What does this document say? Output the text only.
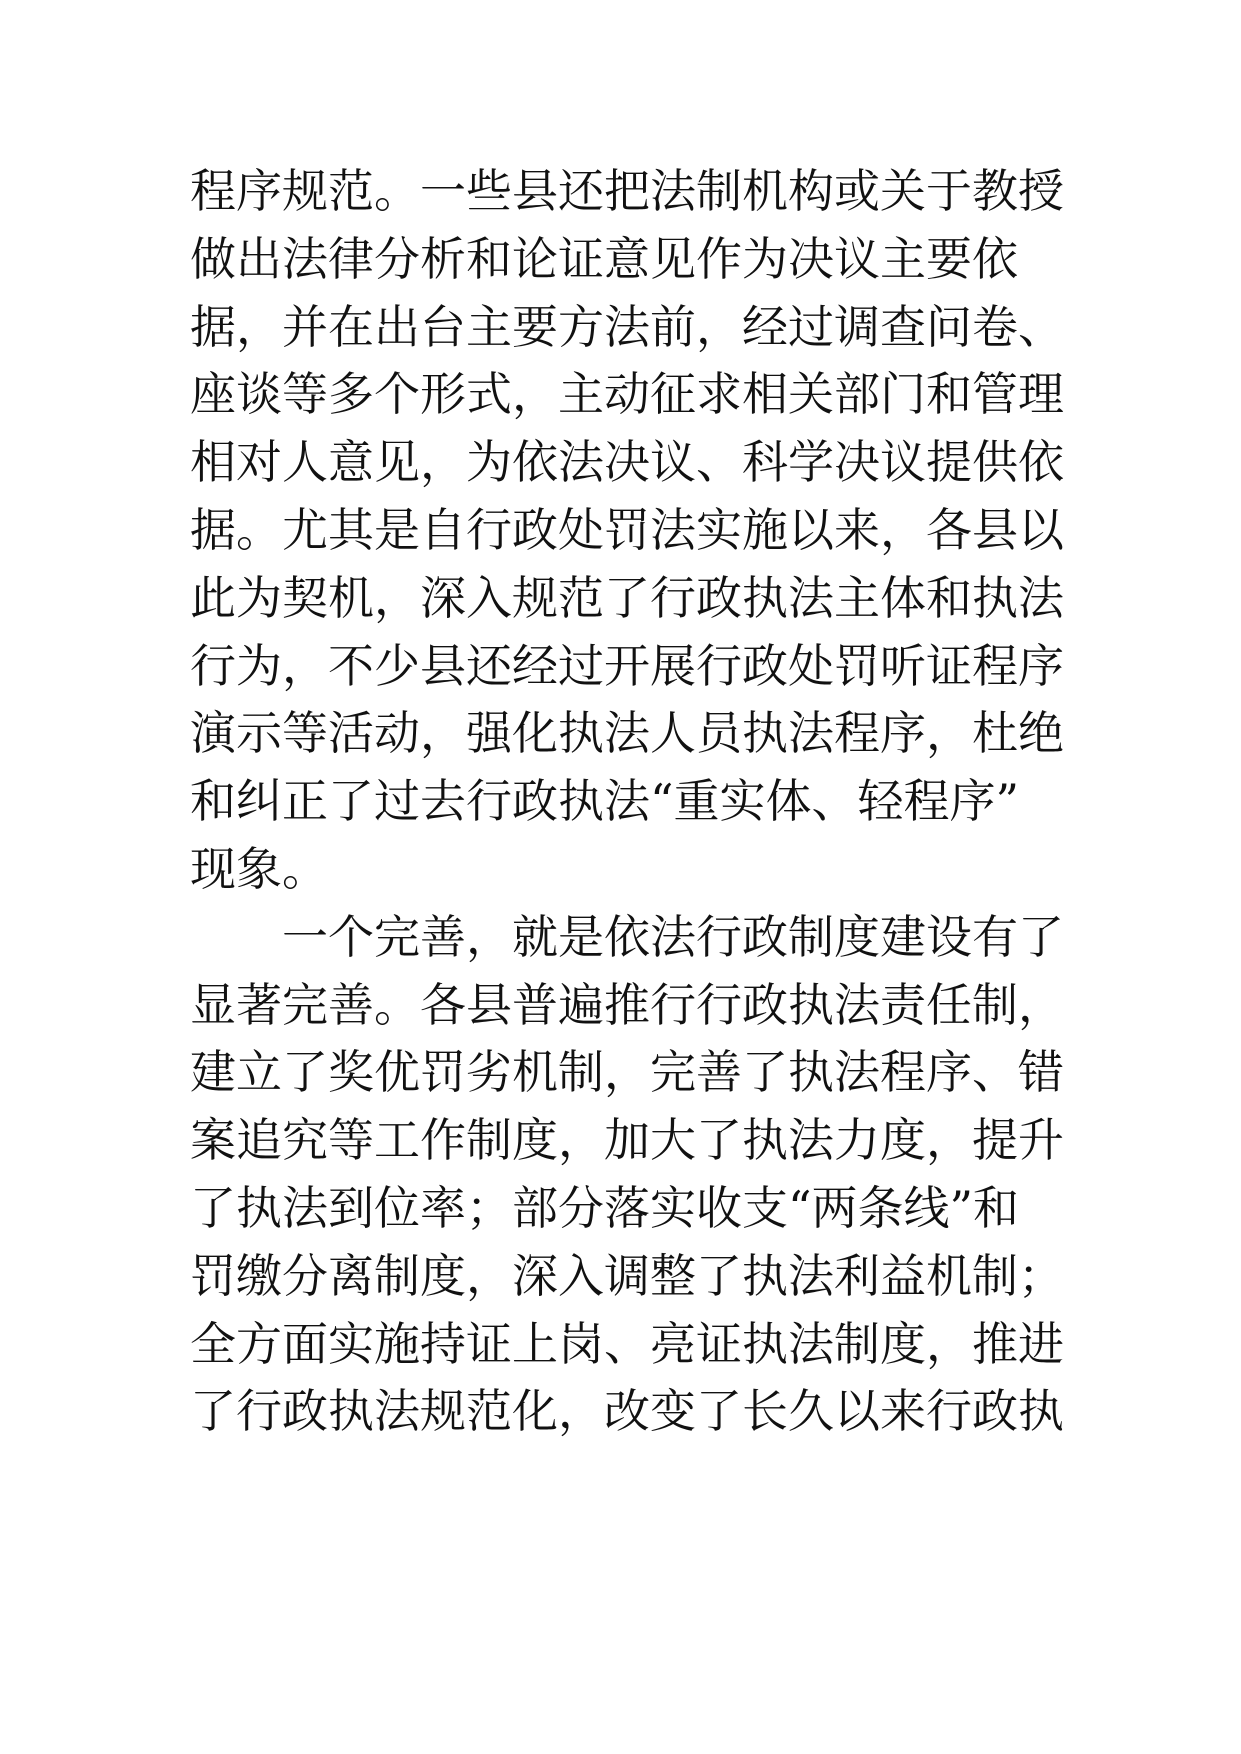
程序规范。一些县还把法制机构或关于教授
做出法律分析和论证意见作为决议主要依
据，并在出台主要方法前，经过调查问卷、
座谈等多个形式，主动征求相关部门和管理
相对人意见，为依法决议、科学决议提供依
据。尤其是自行政处罚法实施以来，各县以
此为契机，深入规范了行政执法主体和执法
行为，不少县还经过开展行政处罚听证程序
演示等活动，强化执法人员执法程序，杜绝
和纠正了过去行政执法“重实体、轻程序”
现象。
一个完善，就是依法行政制度建设有了
显著完善。各县普遍推行行政执法责任制，
建立了奖优罚劣机制，完善了执法程序、错
案追究等工作制度，加大了执法力度，提升
了执法到位率；部分落实收支“两条线”和
罚缴分离制度，深入调整了执法利益机制；
全方面实施持证上岗、亮证执法制度，推进
了行政执法规范化，改变了长久以来行政执
